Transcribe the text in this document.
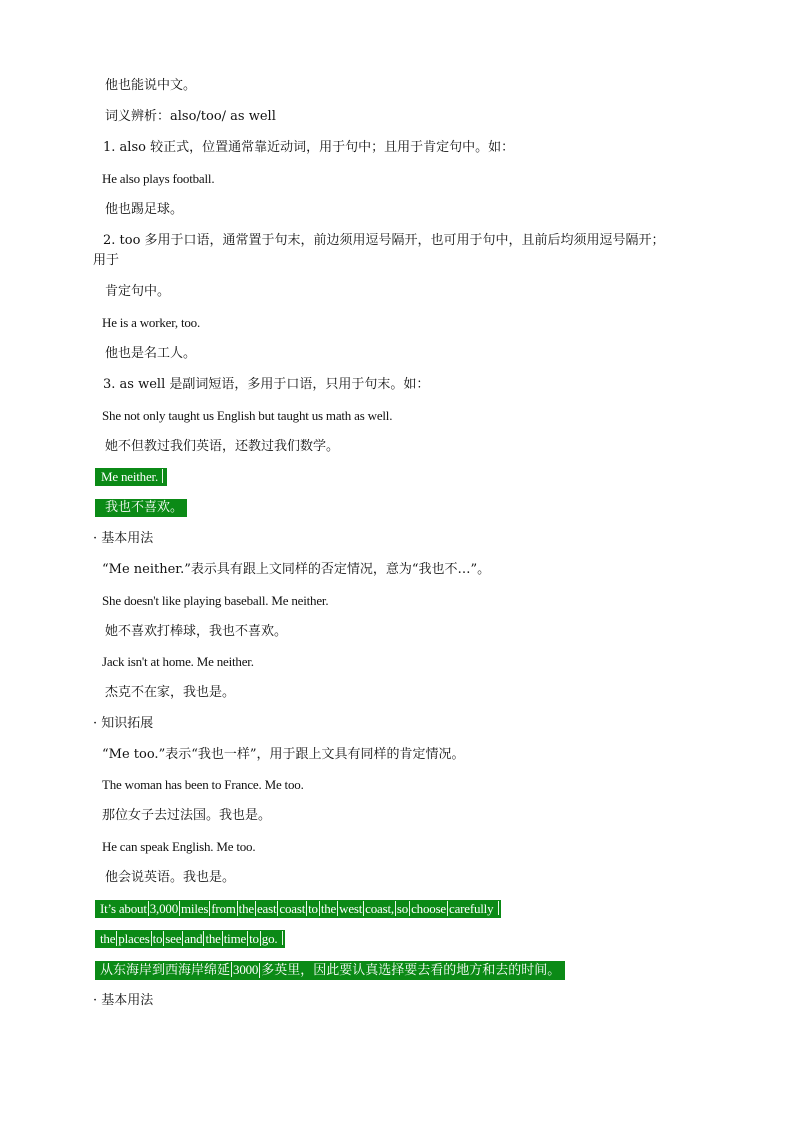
他也能说中文。
词义辨析：also/too/ as well
1. also 较正式，位置通常靠近动词，用于句中；且用于肯定句中。如：
He also plays football.
他也踢足球。
2. too 多用于口语，通常置于句末，前边须用逗号隔开，也可用于句中，且前后均须用逗号隔开；
用于
肯定句中。
He is a worker, too.
他也是名工人。
3. as well 是副词短语，多用于口语，只用于句末。如：
She not only taught us English but taught us math as well.
她不但教过我们英语，还教过我们数学。
Me neither.
我也不喜欢。
· 基本用法
“Me neither.”表示具有跟上文同样的否定情况，意为“我也不…”。
She doesn't like playing baseball. Me neither.
她不喜欢打棒球，我也不喜欢。
Jack isn't at home. Me neither.
杰克不在家，我也是。
· 知识拓展
“Me too.”表示“我也一样”，用于跟上文具有同样的肯定情况。
The woman has been to France. Me too.
那位女子去过法国。我也是。
He can speak English. Me too.
他会说英语。我也是。
It’s about 3,000 miles from the east coast to the west coast, so choose carefully
the places to see and the time to go.
从东海岸到西海岸绵延 3000 多英里，因此要认真选择要去看的地方和去的时间。
· 基本用法
